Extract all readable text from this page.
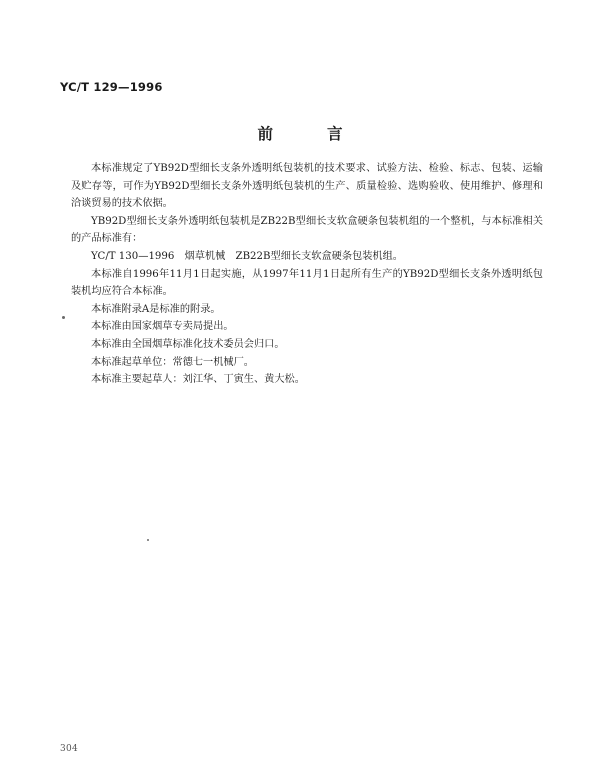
YC/T 129—1996
前言

本标准规定了YB92D型细长支条外透明纸包装机的技术要求、试验方法、检验、标志、包装、运输及贮存等，可作为YB92D型细长支条外透明纸包装机的生产、质量检验、选购验收、使用维护、修理和洽谈贸易的技术依据。

YB92D型细长支条外透明纸包装机是ZB22B型细长支软盒硬条包装机组的一个整机，与本标准相关的产品标准有：

YC/T 130—1996　烟草机械　ZB22B型细长支软盒硬条包装机组。

本标准自1996年11月1日起实施，从1997年11月1日起所有生产的YB92D型细长支条外透明纸包装机均应符合本标准。

本标准附录A是标准的附录。

本标准由国家烟草专卖局提出。

本标准由全国烟草标准化技术委员会归口。

本标准起草单位：常德七一机械厂。

本标准主要起草人：刘江华、丁寅生、黄大松。

304
